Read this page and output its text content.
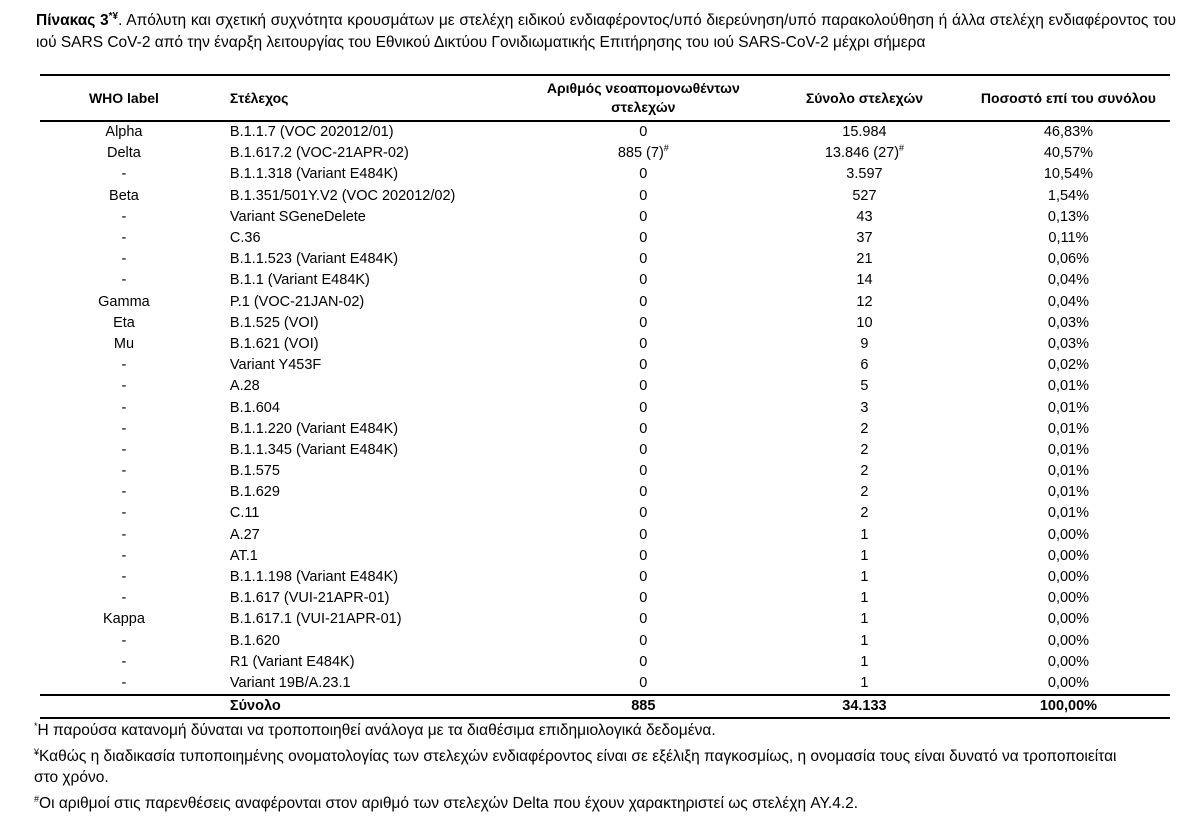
Πίνακας 3*¥. Απόλυτη και σχετική συχνότητα κρουσμάτων με στελέχη ειδικού ενδιαφέροντος/υπό διερεύνηση/υπό παρακολούθηση ή άλλα στελέχη ενδιαφέροντος του ιού SARS CoV-2 από την έναρξη λειτουργίας του Εθνικού Δικτύου Γονιδιωματικής Επιτήρησης του ιού SARS-CoV-2 μέχρι σήμερα
WHO label	Στέλεχος	Αριθμός νεοαπομονωθέντων στελεχών	Σύνολο στελεχών	Ποσοστό επί του συνόλου
Alpha	B.1.1.7 (VOC 202012/01)	0	15.984	46,83%
Delta	B.1.617.2 (VOC-21APR-02)	885 (7)#	13.846 (27)#	40,57%
-	B.1.1.318 (Variant E484K)	0	3.597	10,54%
Beta	B.1.351/501Y.V2 (VOC 202012/02)	0	527	1,54%
-	Variant SGeneDelete	0	43	0,13%
-	C.36	0	37	0,11%
-	B.1.1.523 (Variant E484K)	0	21	0,06%
-	B.1.1 (Variant E484K)	0	14	0,04%
Gamma	P.1 (VOC-21JAN-02)	0	12	0,04%
Eta	B.1.525 (VOI)	0	10	0,03%
Mu	B.1.621 (VOI)	0	9	0,03%
-	Variant Y453F	0	6	0,02%
-	A.28	0	5	0,01%
-	B.1.604	0	3	0,01%
-	B.1.1.220 (Variant E484K)	0	2	0,01%
-	B.1.1.345 (Variant E484K)	0	2	0,01%
-	B.1.575	0	2	0,01%
-	B.1.629	0	2	0,01%
-	C.11	0	2	0,01%
-	A.27	0	1	0,00%
-	AT.1	0	1	0,00%
-	B.1.1.198 (Variant E484K)	0	1	0,00%
-	B.1.617 (VUI-21APR-01)	0	1	0,00%
Kappa	B.1.617.1 (VUI-21APR-01)	0	1	0,00%
-	B.1.620	0	1	0,00%
-	R1 (Variant E484K)	0	1	0,00%
-	Variant 19B/A.23.1	0	1	0,00%
	Σύνολο	885	34.133	100,00%

*Η παρούσα κατανομή δύναται να τροποποιηθεί ανάλογα με τα διαθέσιμα επιδημιολογικά δεδομένα.

¥Καθώς η διαδικασία τυποποιημένης ονοματολογίας των στελεχών ενδιαφέροντος είναι σε εξέλιξη παγκοσμίως, η ονομασία τους είναι δυνατό να τροποποιείται στο χρόνο.

#Οι αριθμοί στις παρενθέσεις αναφέρονται στον αριθμό των στελεχών Delta που έχουν χαρακτηριστεί ως στελέχη AY.4.2.
